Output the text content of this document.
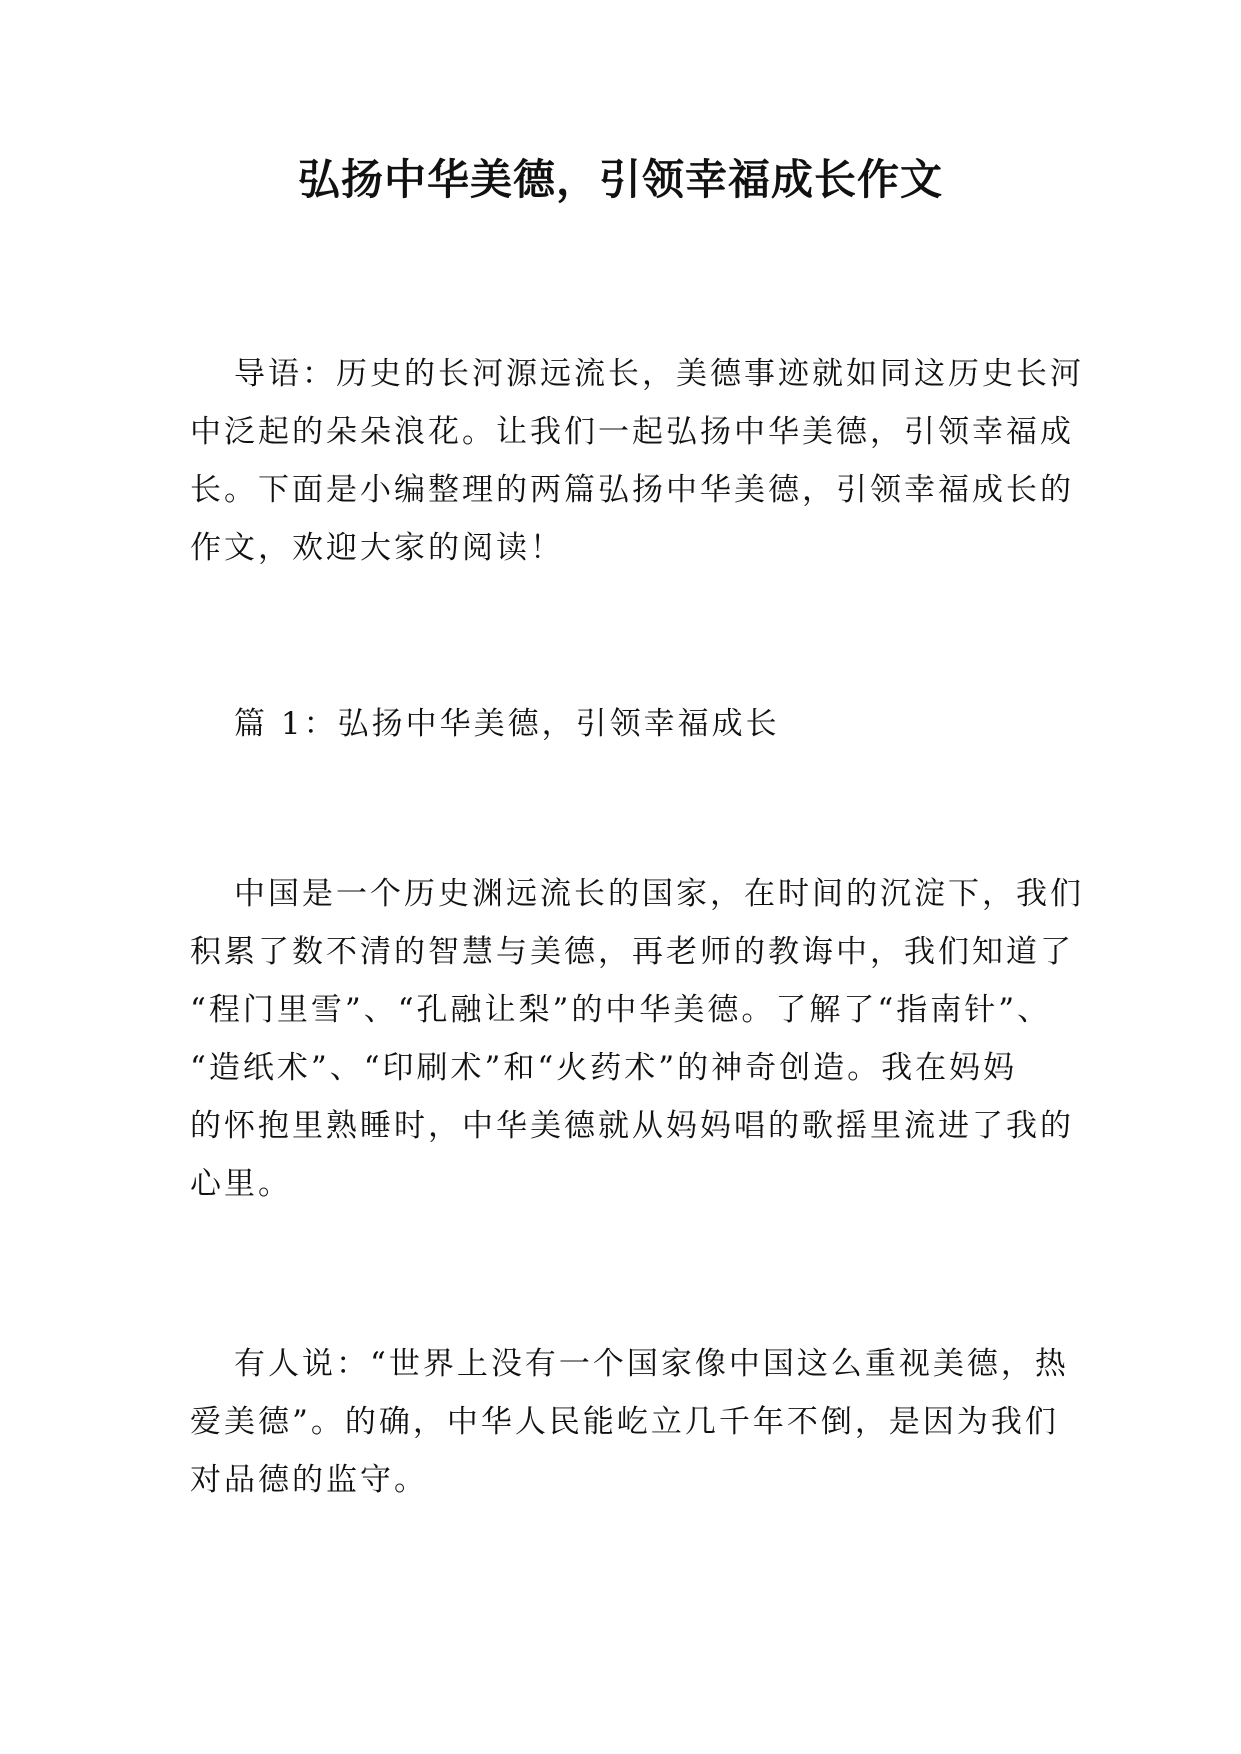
弘扬中华美德，引领幸福成长作文
导语：历史的长河源远流长，美德事迹就如同这历史长河
中泛起的朵朵浪花。让我们一起弘扬中华美德，引领幸福成
长。下面是小编整理的两篇弘扬中华美德，引领幸福成长的
作文，欢迎大家的阅读！
篇 1：弘扬中华美德，引领幸福成长
中国是一个历史渊远流长的国家，在时间的沉淀下，我们
积累了数不清的智慧与美德，再老师的教诲中，我们知道了
“程门里雪”、“孔融让梨”的中华美德。了解了“指南针”、
“造纸术”、“印刷术”和“火药术”的神奇创造。我在妈妈
的怀抱里熟睡时，中华美德就从妈妈唱的歌摇里流进了我的
心里。
有人说：“世界上没有一个国家像中国这么重视美德，热
爱美德”。的确，中华人民能屹立几千年不倒，是因为我们
对品德的监守。
